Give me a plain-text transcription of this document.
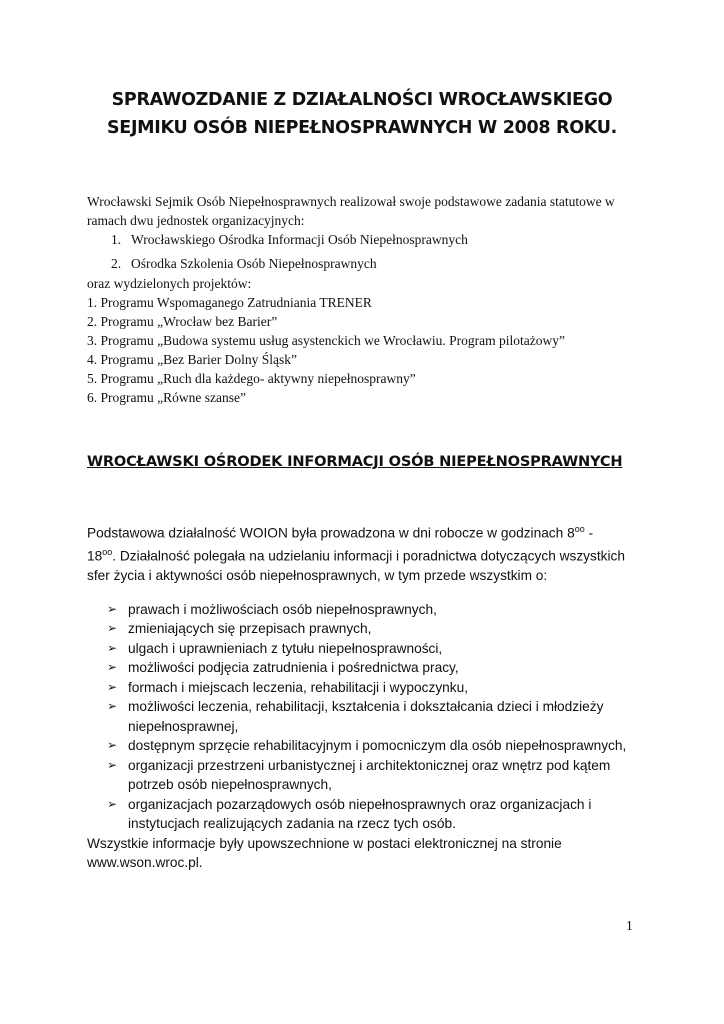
SPRAWOZDANIE Z DZIAŁALNOŚCI WROCŁAWSKIEGO
SEJMIKU OSÓB NIEPEŁNOSPRAWNYCH W 2008 ROKU.

Wrocławski Sejmik Osób Niepełnosprawnych realizował swoje podstawowe zadania statutowe w

ramach dwu jednostek organizacyjnych:

1. Wrocławskiego Ośrodka Informacji Osób Niepełnosprawnych
2. Ośrodka Szkolenia Osób Niepełnosprawnych

oraz wydzielonych projektów:

1. Programu Wspomaganego Zatrudniania TRENER
2. Programu „Wrocław bez Barier”
3. Programu „Budowa systemu usług asystenckich we Wrocławiu. Program pilotażowy”
4. Programu „Bez Barier Dolny Śląsk”
5. Programu „Ruch dla każdego- aktywny niepełnosprawny”
6. Programu „Równe szanse”
WROCŁAWSKI OŚRODEK INFORMACJI OSÓB NIEPEŁNOSPRAWNYCH

Podstawowa działalność WOION była prowadzona w dni robocze w godzinach $8^{oo}$ -
$18^{oo}$. Działalność polegała na udzielaniu informacji i poradnictwa dotyczących wszystkich sfer życia i aktywności osób niepełnosprawnych, w tym przede wszystkim o:

➢ prawach i możliwościach osób niepełnosprawnych,
➢ zmieniających się przepisach prawnych,
➢ ulgach i uprawnieniach z tytułu niepełnosprawności,
➢ możliwości podjęcia zatrudnienia i pośrednictwa pracy,
➢ formach i miejscach leczenia, rehabilitacji i wypoczynku,
➢ możliwości leczenia, rehabilitacji, kształcenia i dokształcania dzieci i młodzieży niepełnosprawnej,
➢ dostępnym sprzęcie rehabilitacyjnym i pomocniczym dla osób niepełnosprawnych,
➢ organizacji przestrzeni urbanistycznej i architektonicznej oraz wnętrz pod kątem potrzeb osób niepełnosprawnych,
➢ organizacjach pozarządowych osób niepełnosprawnych oraz organizacjach i instytucjach realizujących zadania na rzecz tych osób.

Wszystkie informacje były upowszechnione w postaci elektronicznej na stronie www.wson.wroc.pl.

1
